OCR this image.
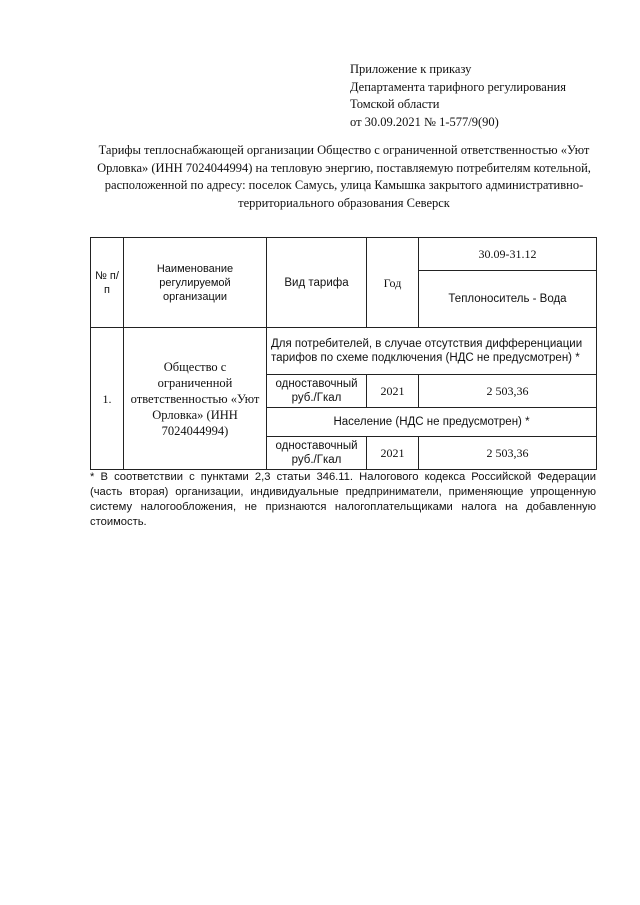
Приложение к приказу
Департамента тарифного регулирования
Томской области
от 30.09.2021 № 1-577/9(90)
Тарифы теплоснабжающей организации Общество с ограниченной ответственностью «Уют Орловка» (ИНН 7024044994) на тепловую энергию, поставляемую потребителям котельной, расположенной по адресу: поселок Самусь, улица Камышка закрытого административно-территориального образования Северск
№ п/п	Наименование регулируемой организации	Вид тарифа	Год	30.09-31.12
				Теплоноситель - Вода
1.	Общество с ограниченной ответственностью «Уют Орловка» (ИНН 7024044994)	Для потребителей, в случае отсутствия дифференциации тарифов по схеме подключения (НДС не предусмотрен) *		
		одноставочный руб./Гкал	2021	2 503,36
		Население (НДС не предусмотрен) *		
		одноставочный руб./Гкал	2021	2 503,36
* В соответствии с пунктами 2,3 статьи 346.11. Налогового кодекса Российской Федерации (часть вторая) организации, индивидуальные предприниматели, применяющие упрощенную систему налогообложения, не признаются налогоплательщиками налога на добавленную стоимость.
